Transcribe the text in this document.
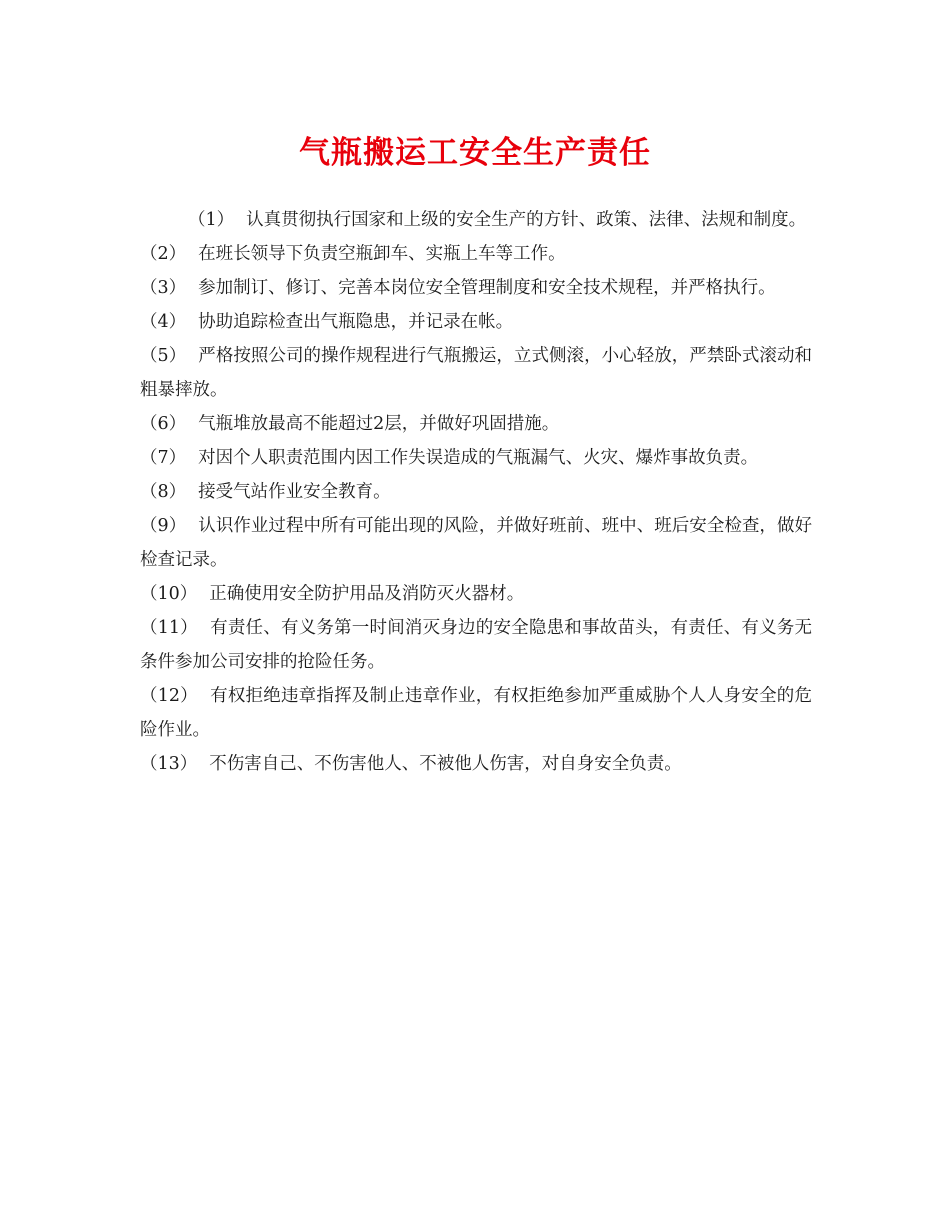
气瓶搬运工安全生产责任
（1） 认真贯彻执行国家和上级的安全生产的方针、政策、法律、法规和制度。
（2） 在班长领导下负责空瓶卸车、实瓶上车等工作。
（3） 参加制订、修订、完善本岗位安全管理制度和安全技术规程，并严格执行。
（4） 协助追踪检查出气瓶隐患，并记录在帐。
（5） 严格按照公司的操作规程进行气瓶搬运，立式侧滚，小心轻放，严禁卧式滚动和粗暴摔放。
（6） 气瓶堆放最高不能超过2层，并做好巩固措施。
（7） 对因个人职责范围内因工作失误造成的气瓶漏气、火灾、爆炸事故负责。
（8） 接受气站作业安全教育。
（9） 认识作业过程中所有可能出现的风险，并做好班前、班中、班后安全检查，做好检查记录。
（10） 正确使用安全防护用品及消防灭火器材。
（11） 有责任、有义务第一时间消灭身边的安全隐患和事故苗头，有责任、有义务无条件参加公司安排的抢险任务。
（12） 有权拒绝违章指挥及制止违章作业，有权拒绝参加严重威胁个人人身安全的危险作业。
（13） 不伤害自己、不伤害他人、不被他人伤害，对自身安全负责。
